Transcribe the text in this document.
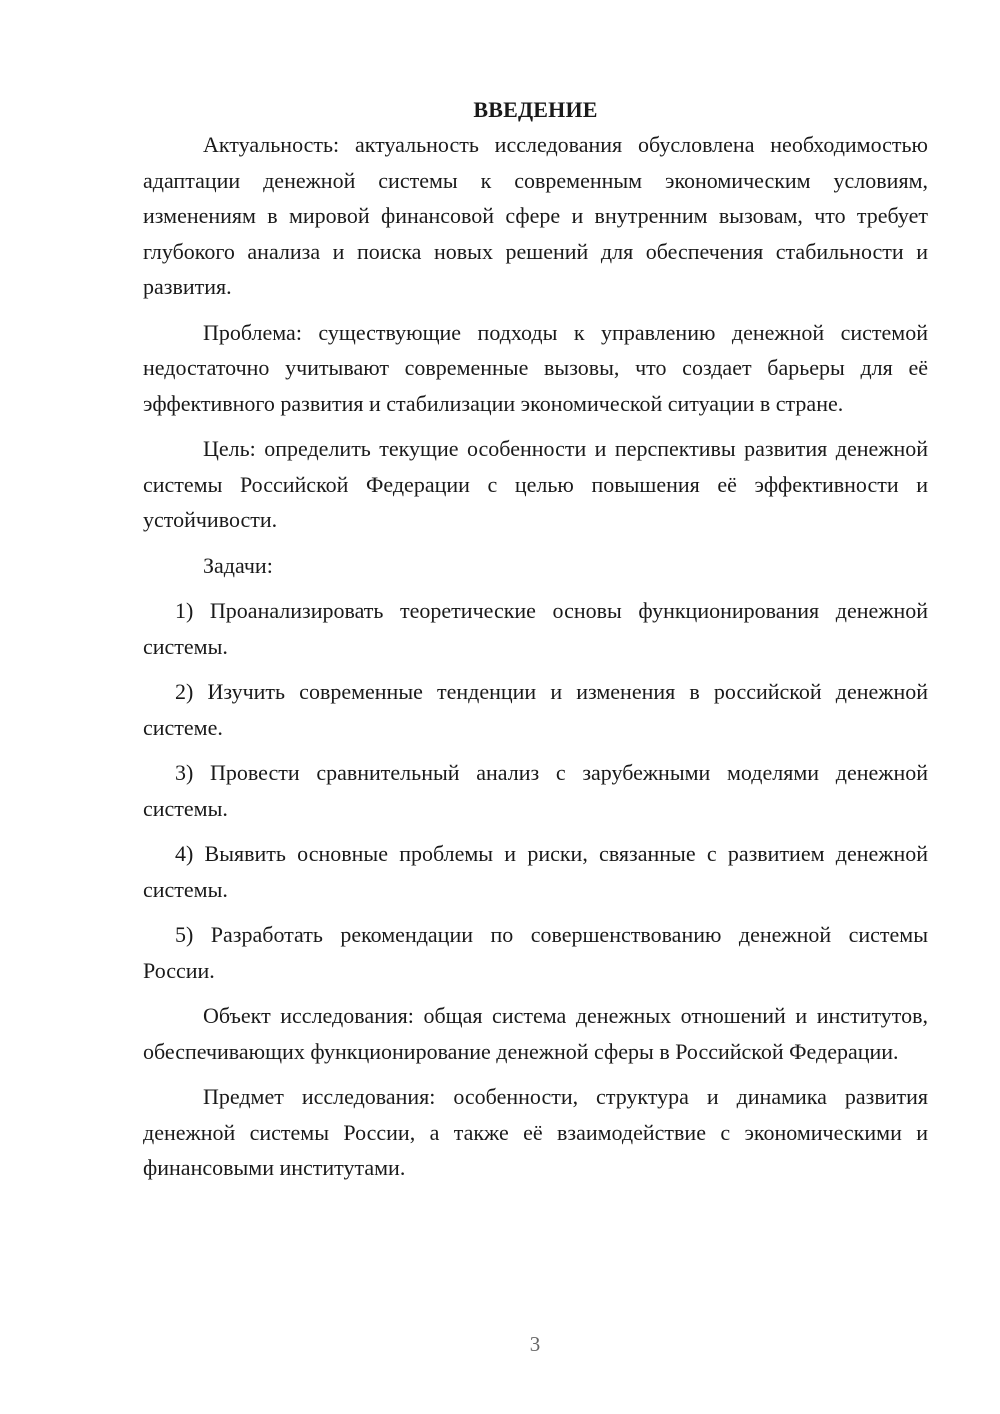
ВВЕДЕНИЕ

Актуальность: актуальность исследования обусловлена необходимостью адаптации денежной системы к современным экономическим условиям, изменениям в мировой финансовой сфере и внутренним вызовам, что требует глубокого анализа и поиска новых решений для обеспечения стабильности и развития.

Проблема: существующие подходы к управлению денежной системой недостаточно учитывают современные вызовы, что создает барьеры для её эффективного развития и стабилизации экономической ситуации в стране.

Цель: определить текущие особенности и перспективы развития денежной системы Российской Федерации с целью повышения её эффективности и устойчивости.

Задачи:

1) Проанализировать теоретические основы функционирования денежной системы.

2) Изучить современные тенденции и изменения в российской денежной системе.

3) Провести сравнительный анализ с зарубежными моделями денежной системы.

4) Выявить основные проблемы и риски, связанные с развитием денежной системы.

5) Разработать рекомендации по совершенствованию денежной системы России.

Объект исследования: общая система денежных отношений и институтов, обеспечивающих функционирование денежной сферы в Российской Федерации.

Предмет исследования: особенности, структура и динамика развития денежной системы России, а также её взаимодействие с экономическими и финансовыми институтами.

3
